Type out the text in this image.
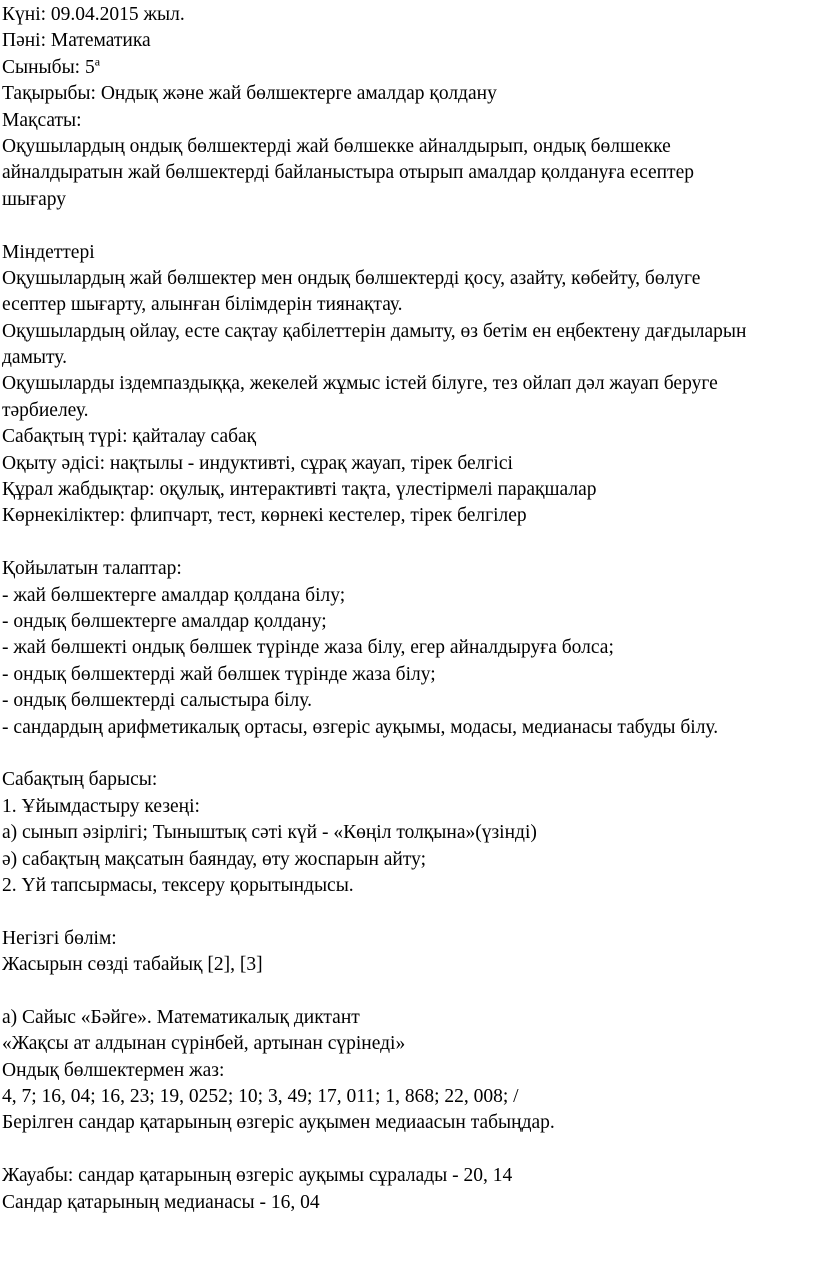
Күні: 09.04.2015 жыл.

Пәні: Математика

Сыныбы: $5^а$

Тақырыбы: Ондық және жай бөлшектерге амалдар қолдану

Мақсаты:

Оқушылардың ондық бөлшектерді жай бөлшекке айналдырып, ондық бөлшекке

айналдыратын жай бөлшектерді байланыстыра отырып амалдар қолдануға есептер

шығару

Міндеттері

Оқушылардың жай бөлшектер мен ондық бөлшектерді қосу, азайту, көбейту, бөлуге

есептер шығарту, алынған білімдерін тиянақтау.

Оқушылардың ойлау, есте сақтау қабілеттерін дамыту, өз бетім ен еңбектену дағдыларын

дамыту.

Оқушыларды іздемпаздыққа, жекелей жұмыс істей білуге, тез ойлап дәл жауап беруге

тәрбиелеу.

Сабақтың түрі: қайталау сабақ

Оқыту әдісі: нақтылы - индуктивті, сұрақ жауап, тірек белгісі

Құрал жабдықтар: оқулық, интерактивті тақта, үлестірмелі парақшалар

Көрнекіліктер: флипчарт, тест, көрнекі кестелер, тірек белгілер

Қойылатын талаптар:

- жай бөлшектерге амалдар қолдана білу;

- ондық бөлшектерге амалдар қолдану;

- жай бөлшекті ондық бөлшек түрінде жаза білу, егер айналдыруға болса;

- ондық бөлшектерді жай бөлшек түрінде жаза білу;

- ондық бөлшектерді салыстыра білу.

- сандардың арифметикалық ортасы, өзгеріс ауқымы, модасы, медианасы табуды білу.

Сабақтың барысы:

1. Ұйымдастыру кезеңі:

а) сынып әзірлігі; Тыныштық сәті күй - «Көңіл толқына»(үзінді)

ә) сабақтың мақсатын баяндау, өту жоспарын айту;

2. Үй тапсырмасы, тексеру қорытындысы.

Негізгі бөлім:

Жасырын сөзді табайық [2], [3]

а) Сайыс «Бәйге». Математикалық диктант

«Жақсы ат алдынан сүрінбей, артынан сүрінеді»

Ондық бөлшектермен жаз:

4, 7; 16, 04; 16, 23; 19, 0252; 10; 3, 49; 17, 011; 1, 868; 22, 008; /

Берілген сандар қатарының өзгеріс ауқымен медиаасын табыңдар.

Жауабы: сандар қатарының өзгеріс ауқымы сұралады - 20, 14

Сандар қатарының медианасы - 16, 04
